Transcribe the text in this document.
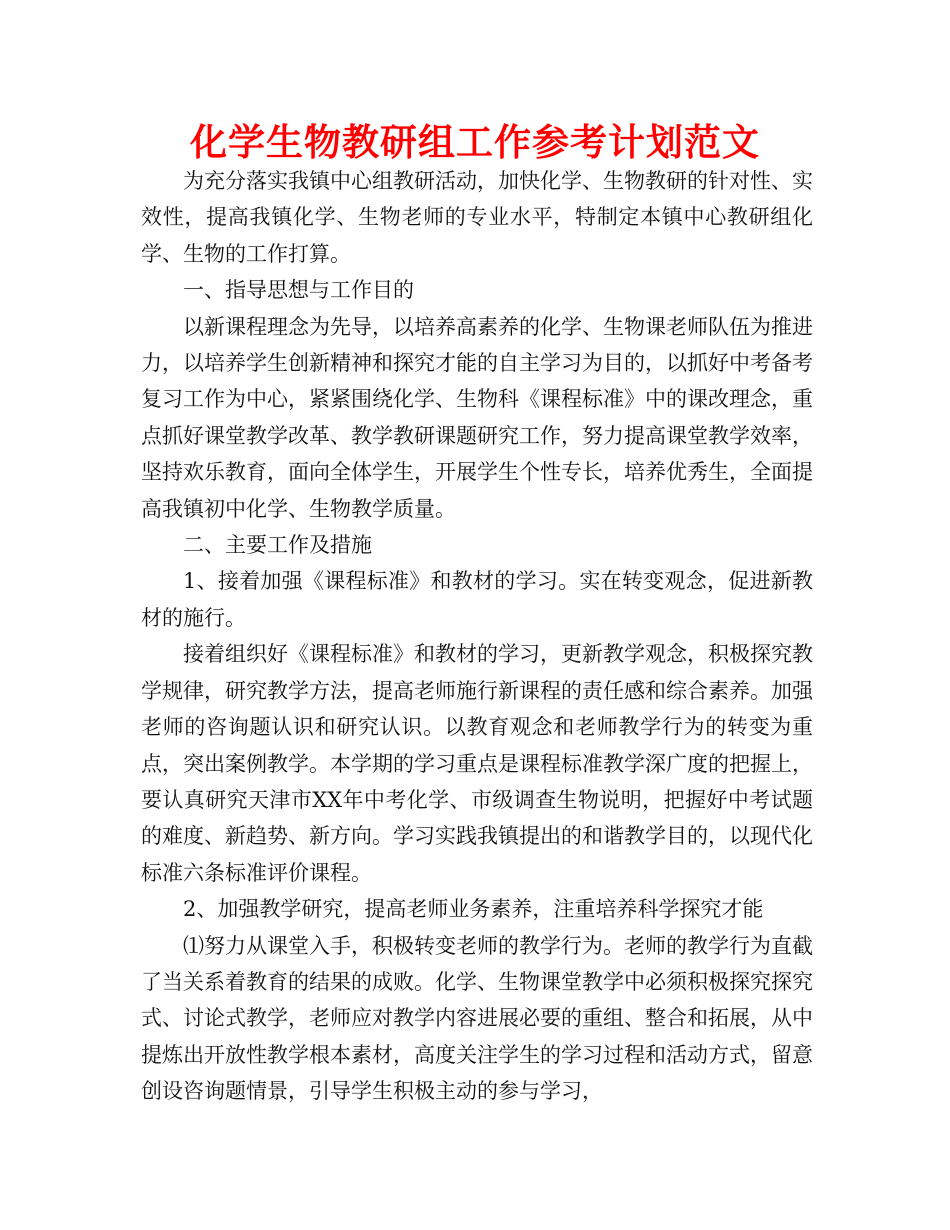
化学生物教研组工作参考计划范文

为充分落实我镇中心组教研活动，加快化学、生物教研的针对性、实效性，提高我镇化学、生物老师的专业水平，特制定本镇中心教研组化学、生物的工作打算。

一、指导思想与工作目的

以新课程理念为先导，以培养高素养的化学、生物课老师队伍为推进力，以培养学生创新精神和探究才能的自主学习为目的，以抓好中考备考复习工作为中心，紧紧围绕化学、生物科《课程标准》中的课改理念，重点抓好课堂教学改革、教学教研课题研究工作，努力提高课堂教学效率，坚持欢乐教育，面向全体学生，开展学生个性专长，培养优秀生，全面提高我镇初中化学、生物教学质量。

二、主要工作及措施

1、接着加强《课程标准》和教材的学习。实在转变观念，促进新教材的施行。

接着组织好《课程标准》和教材的学习，更新教学观念，积极探究教学规律，研究教学方法，提高老师施行新课程的责任感和综合素养。加强老师的咨询题认识和研究认识。以教育观念和老师教学行为的转变为重点，突出案例教学。本学期的学习重点是课程标准教学深广度的把握上，要认真研究天津市XX年中考化学、市级调查生物说明，把握好中考试题的难度、新趋势、新方向。学习实践我镇提出的和谐教学目的，以现代化标准六条标准评价课程。

2、加强教学研究，提高老师业务素养，注重培养科学探究才能

⑴努力从课堂入手，积极转变老师的教学行为。老师的教学行为直截了当关系着教育的结果的成败。化学、生物课堂教学中必须积极探究探究式、讨论式教学，老师应对教学内容进展必要的重组、整合和拓展，从中提炼出开放性教学根本素材，高度关注学生的学习过程和活动方式，留意创设咨询题情景，引导学生积极主动的参与学习，
